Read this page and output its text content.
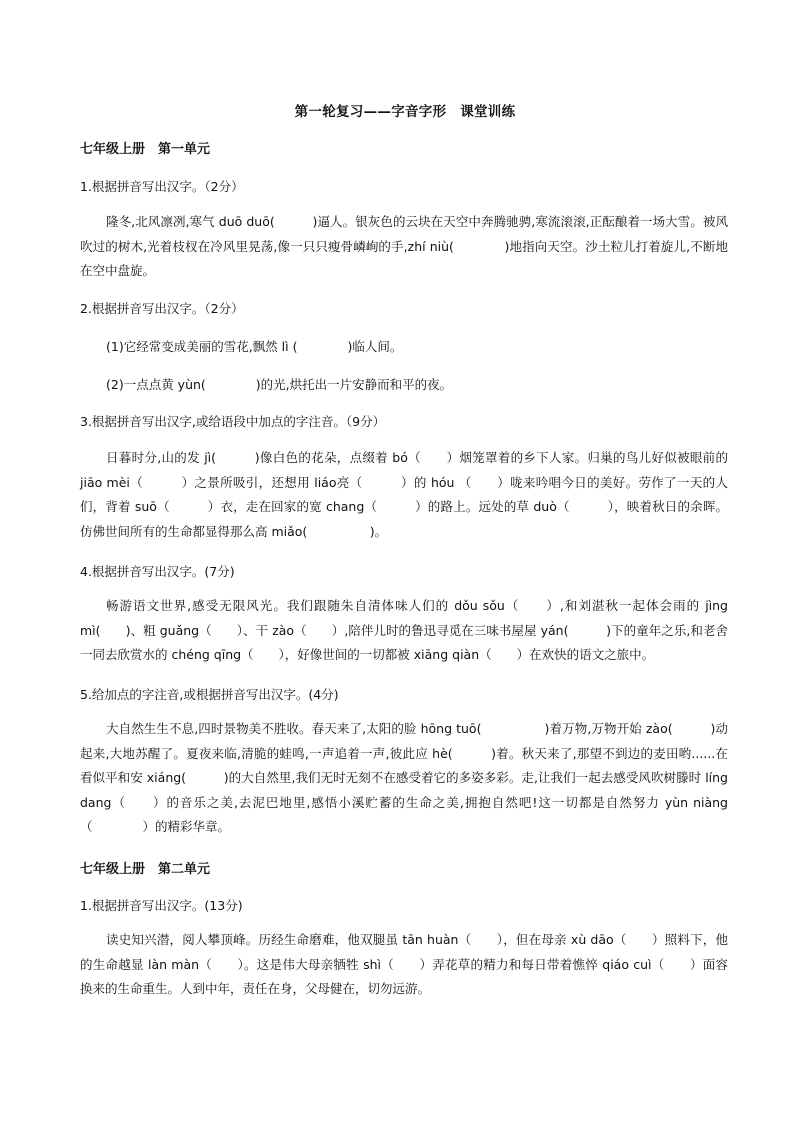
第一轮复习——字音字形　课堂训练
七年级上册　第一单元
1.根据拼音写出汉字。（2分）
隆冬,北风凛冽,寒气 duō duō(　　　)逼人。银灰色的云块在天空中奔腾驰骋,寒流滚滚,正酝酿着一场大雪。被风吹过的树木,光着枝杈在冷风里晃荡,像一只只瘦骨嶙峋的手,zhí niù(　　　　)地指向天空。沙土粒儿打着旋儿,不断地在空中盘旋。
2.根据拼音写出汉字。（2分）
(1)它经常变成美丽的雪花,飘然 lì (　　　　)临人间。
(2)一点点黄 yùn(　　　　)的光,烘托出一片安静而和平的夜。
3.根据拼音写出汉字,或给语段中加点的字注音。（9分）
日暮时分,山的发 jì(　　　)像白色的花朵，点缀着 bó（　　）烟笼罩着的乡下人家。归巢的鸟儿好似被眼前的 jiāo mèi（　　　）之景所吸引，还想用 liáo亮（　　　）的 hóu （　　）咙来吟唱今日的美好。劳作了一天的人们，背着 suō（　　　）衣，走在回家的宽 chang（　　　）的路上。远处的草 duò（　　　），映着秋日的余晖。仿佛世间所有的生命都显得那么高 miǎo(　　　　　)。
4.根据拼音写出汉字。(7分)
畅游语文世界,感受无限风光。我们跟随朱自清体味人们的 dǒu sǒu（　　）,和刘湛秋一起体会雨的 jìng mì(　　)、粗 guǎng（　　）、干 zào（　　）,陪伴儿时的鲁迅寻觅在三味书屋屋 yán(　　　)下的童年之乐,和老舍一同去欣赏水的 chéng qīng（　　），好像世间的一切都被 xiāng qiàn（　　）在欢快的语文之旅中。
5.给加点的字注音,或根据拼音写出汉字。(4分)
大自然生生不息,四时景物美不胜收。春天来了,太阳的脸 hōng tuō(　　　　　)着万物,万物开始 zào(　　　)动起来,大地苏醒了。夏夜来临,清脆的蛙鸣,一声追着一声,彼此应 hè(　　　)着。秋天来了,那望不到边的麦田哟......在看似平和安 xiáng(　　　)的大自然里,我们无时无刻不在感受着它的多姿多彩。走,让我们一起去感受风吹树滕时 líng dang（　　）的音乐之美,去泥巴地里,感悟小溪贮蓄的生命之美,拥抱自然吧!这一切都是自然努力 yùn niàng（　　　　）的精彩华章。
七年级上册　第二单元
1.根据拼音写出汉字。(13分)
读史知兴潜，阅人攀顶峰。历经生命磨难，他双腿虽 tān huàn（　　），但在母亲 xù dāo（　　）照料下，他的生命越显 làn màn（　　）。这是伟大母亲牺牲 shì（　　）弄花草的精力和每日带着憔悴 qiáo cuì（　　）面容换来的生命重生。人到中年，责任在身，父母健在，切勿远游。
